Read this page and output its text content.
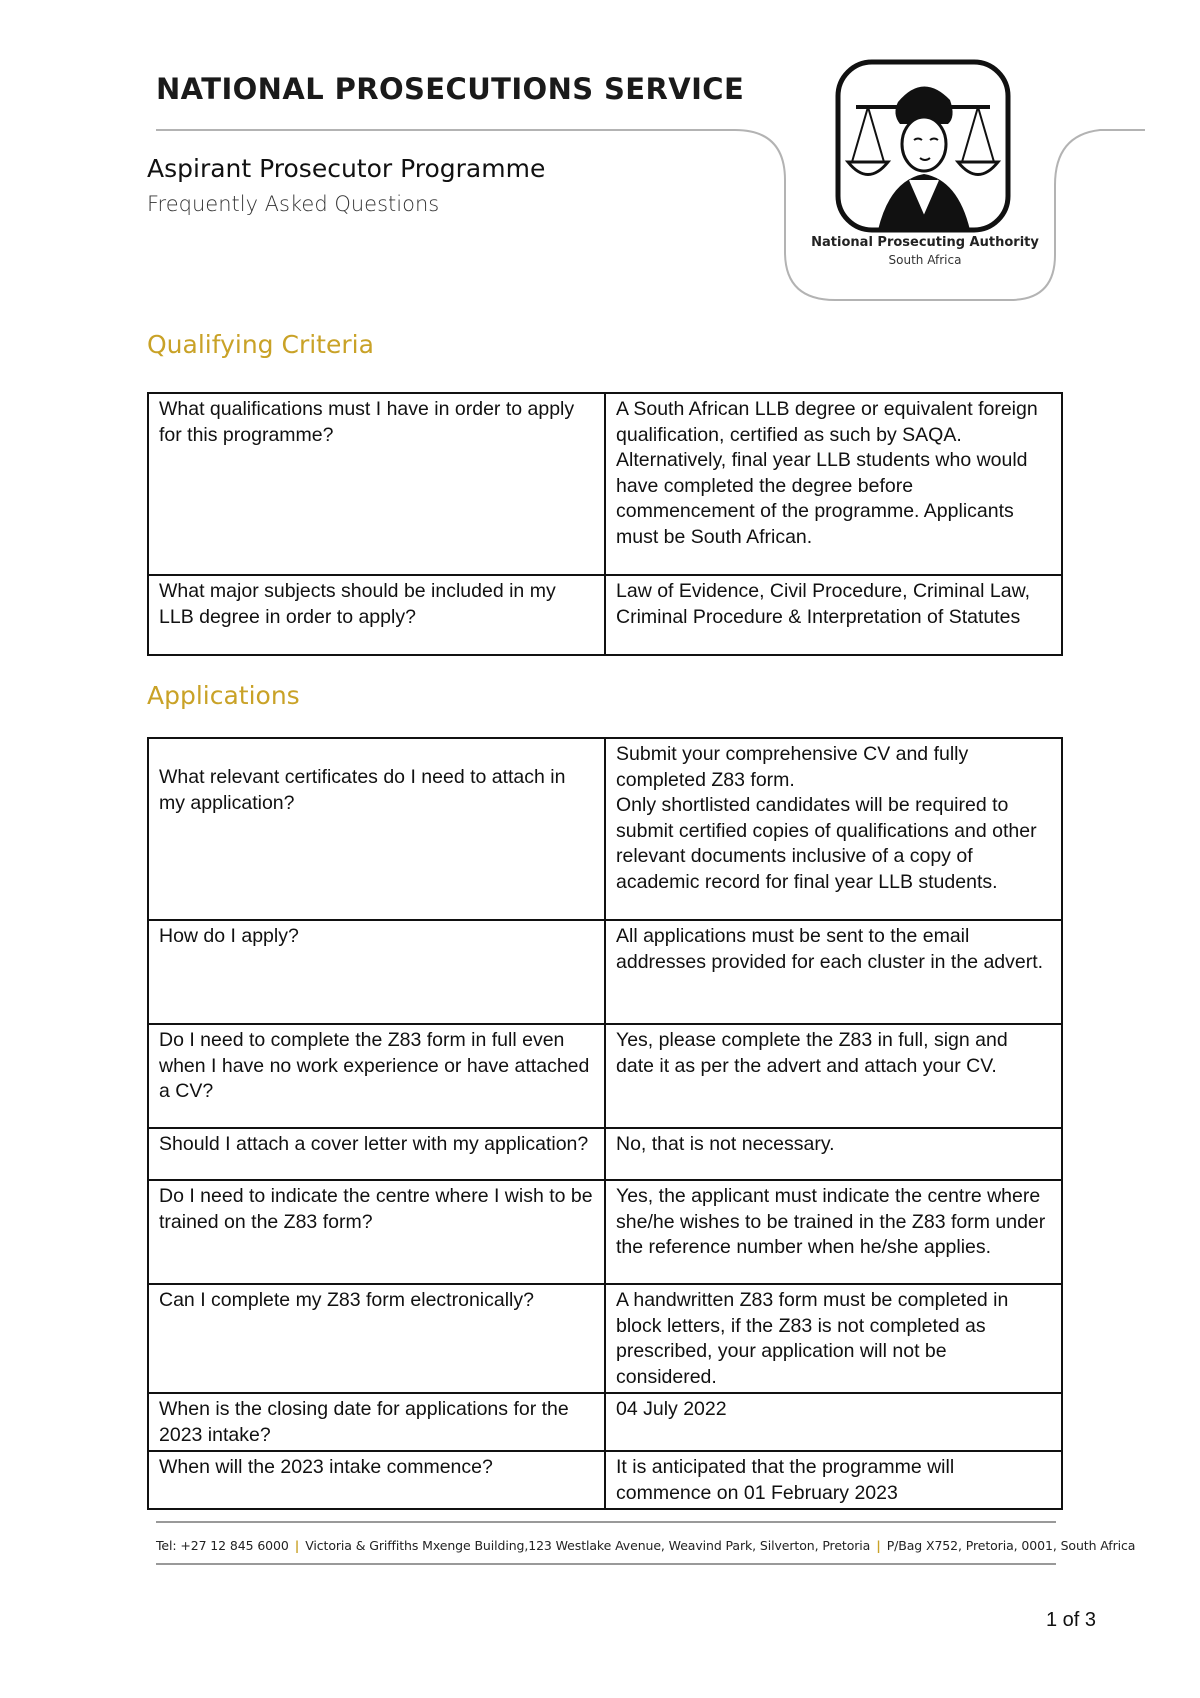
NATIONAL PROSECUTIONS SERVICE
Aspirant Prosecutor Programme
Frequently Asked Questions
National Prosecuting Authority
South Africa
Qualifying Criteria
What qualifications must I have in order to apply for this programme?	A South African LLB degree or equivalent foreign qualification, certified as such by SAQA.
Alternatively, final year LLB students who would have completed the degree before commencement of the programme. Applicants must be South African.

What major subjects should be included in my LLB degree in order to apply?	Law of Evidence, Civil Procedure, Criminal Law, Criminal Procedure & Interpretation of Statutes
Applications
What relevant certificates do I need to attach in my application?	Submit your comprehensive CV and fully completed Z83 form.
Only shortlisted candidates will be required to submit certified copies of qualifications and other relevant documents inclusive of a copy of academic record for final year LLB students.

How do I apply?	All applications must be sent to the email addresses provided for each cluster in the advert.

Do I need to complete the Z83 form in full even when I have no work experience or have attached a CV?	Yes, please complete the Z83 in full, sign and date it as per the advert and attach your CV.

Should I attach a cover letter with my application?	No, that is not necessary.

Do I need to indicate the centre where I wish to be trained on the Z83 form?	Yes, the applicant must indicate the centre where she/he wishes to be trained in the Z83 form under the reference number when he/she applies.

Can I complete my Z83 form electronically?	A handwritten Z83 form must be completed in block letters, if the Z83 is not completed as prescribed, your application will not be considered.

When is the closing date for applications for the 2023 intake?	04 July 2022

When will the 2023 intake commence?	It is anticipated that the programme will commence on 01 February 2023
Tel: +27 12 845 6000 | Victoria & Griffiths Mxenge Building,123 Westlake Avenue, Weavind Park, Silverton, Pretoria | P/Bag X752, Pretoria, 0001, South Africa
1 of 3
